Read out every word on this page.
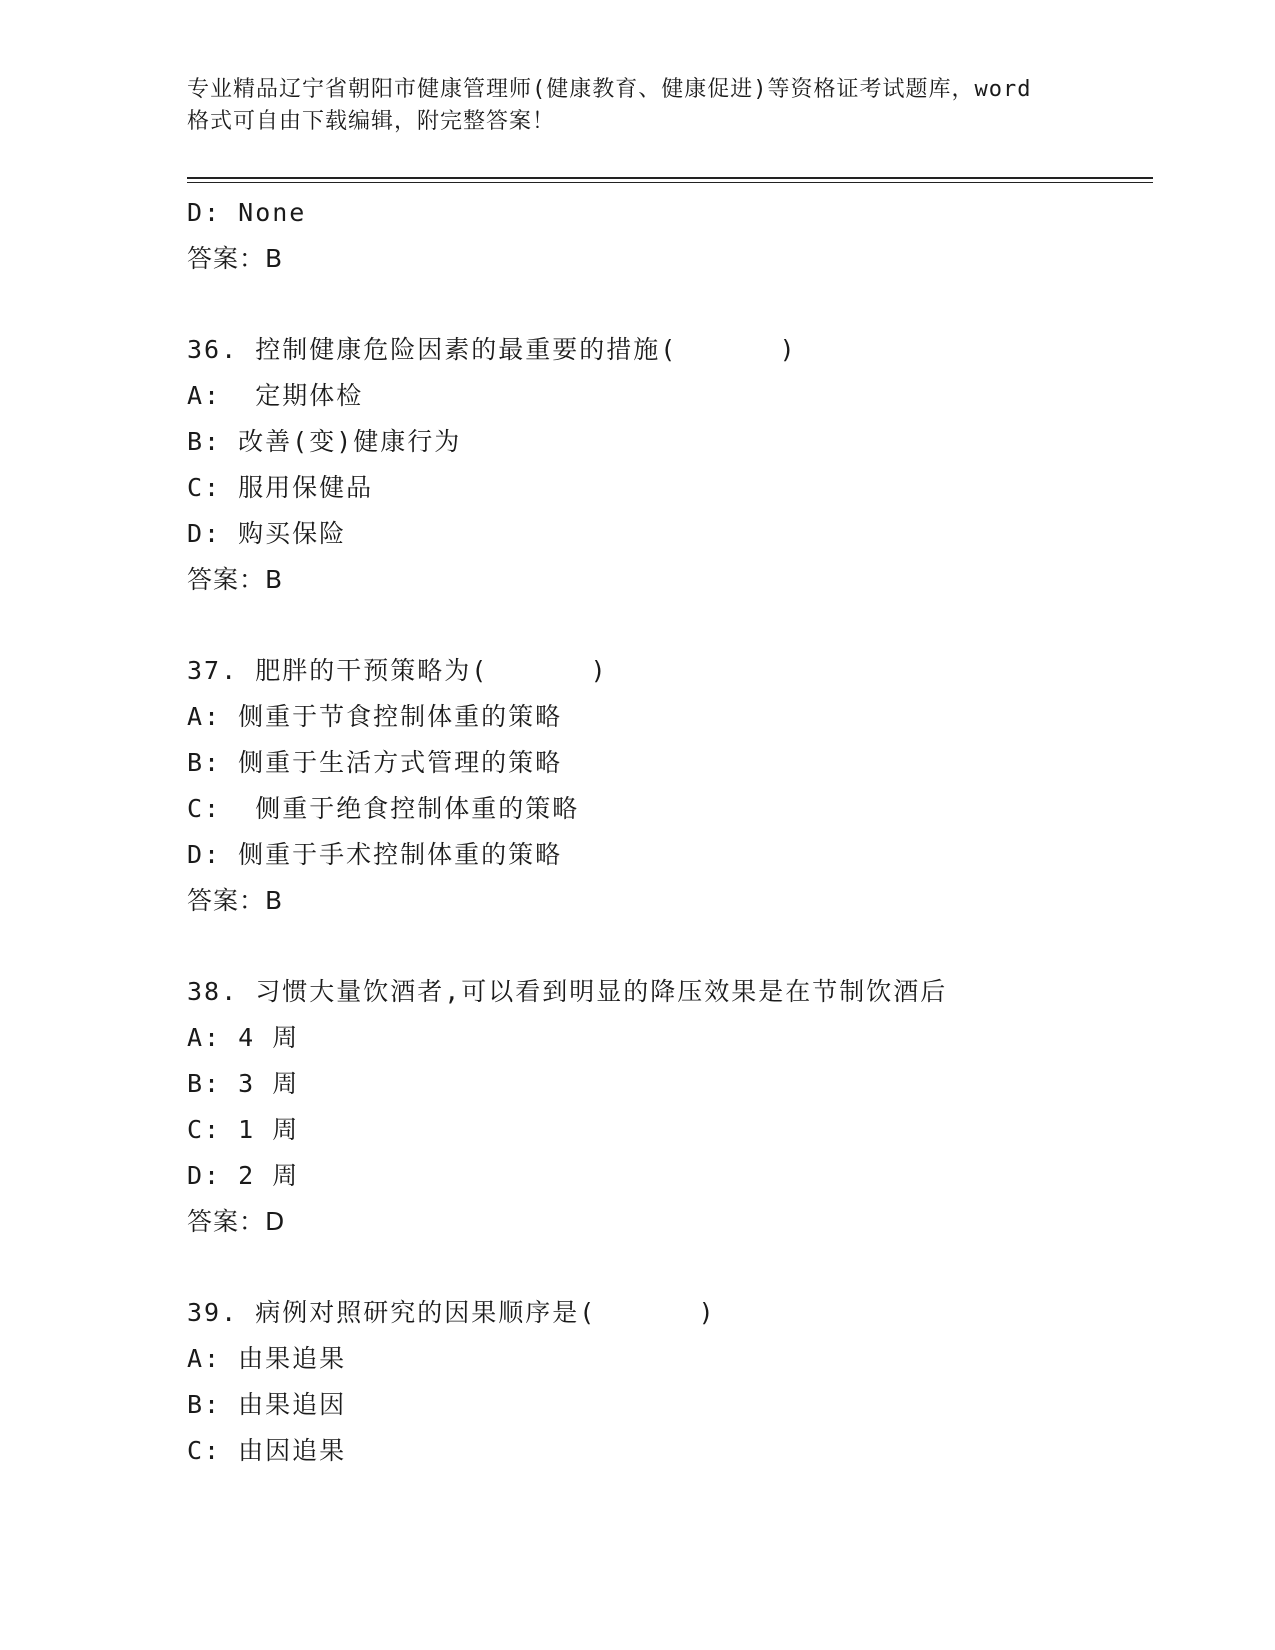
专业精品辽宁省朝阳市健康管理师(健康教育、健康促进)等资格证考试题库，word
格式可自由下载编辑，附完整答案！
D: None
答案：B
36. 控制健康危险因素的最重要的措施(      )
A:  定期体检
B: 改善(变)健康行为
C: 服用保健品
D: 购买保险
答案：B
37. 肥胖的干预策略为(      )
A: 侧重于节食控制体重的策略
B: 侧重于生活方式管理的策略
C:  侧重于绝食控制体重的策略
D: 侧重于手术控制体重的策略
答案：B
38. 习惯大量饮酒者,可以看到明显的降压效果是在节制饮酒后
A: 4 周
B: 3 周
C: 1 周
D: 2 周
答案：D
39. 病例对照研究的因果顺序是(      )
A: 由果追果
B: 由果追因
C: 由因追果
